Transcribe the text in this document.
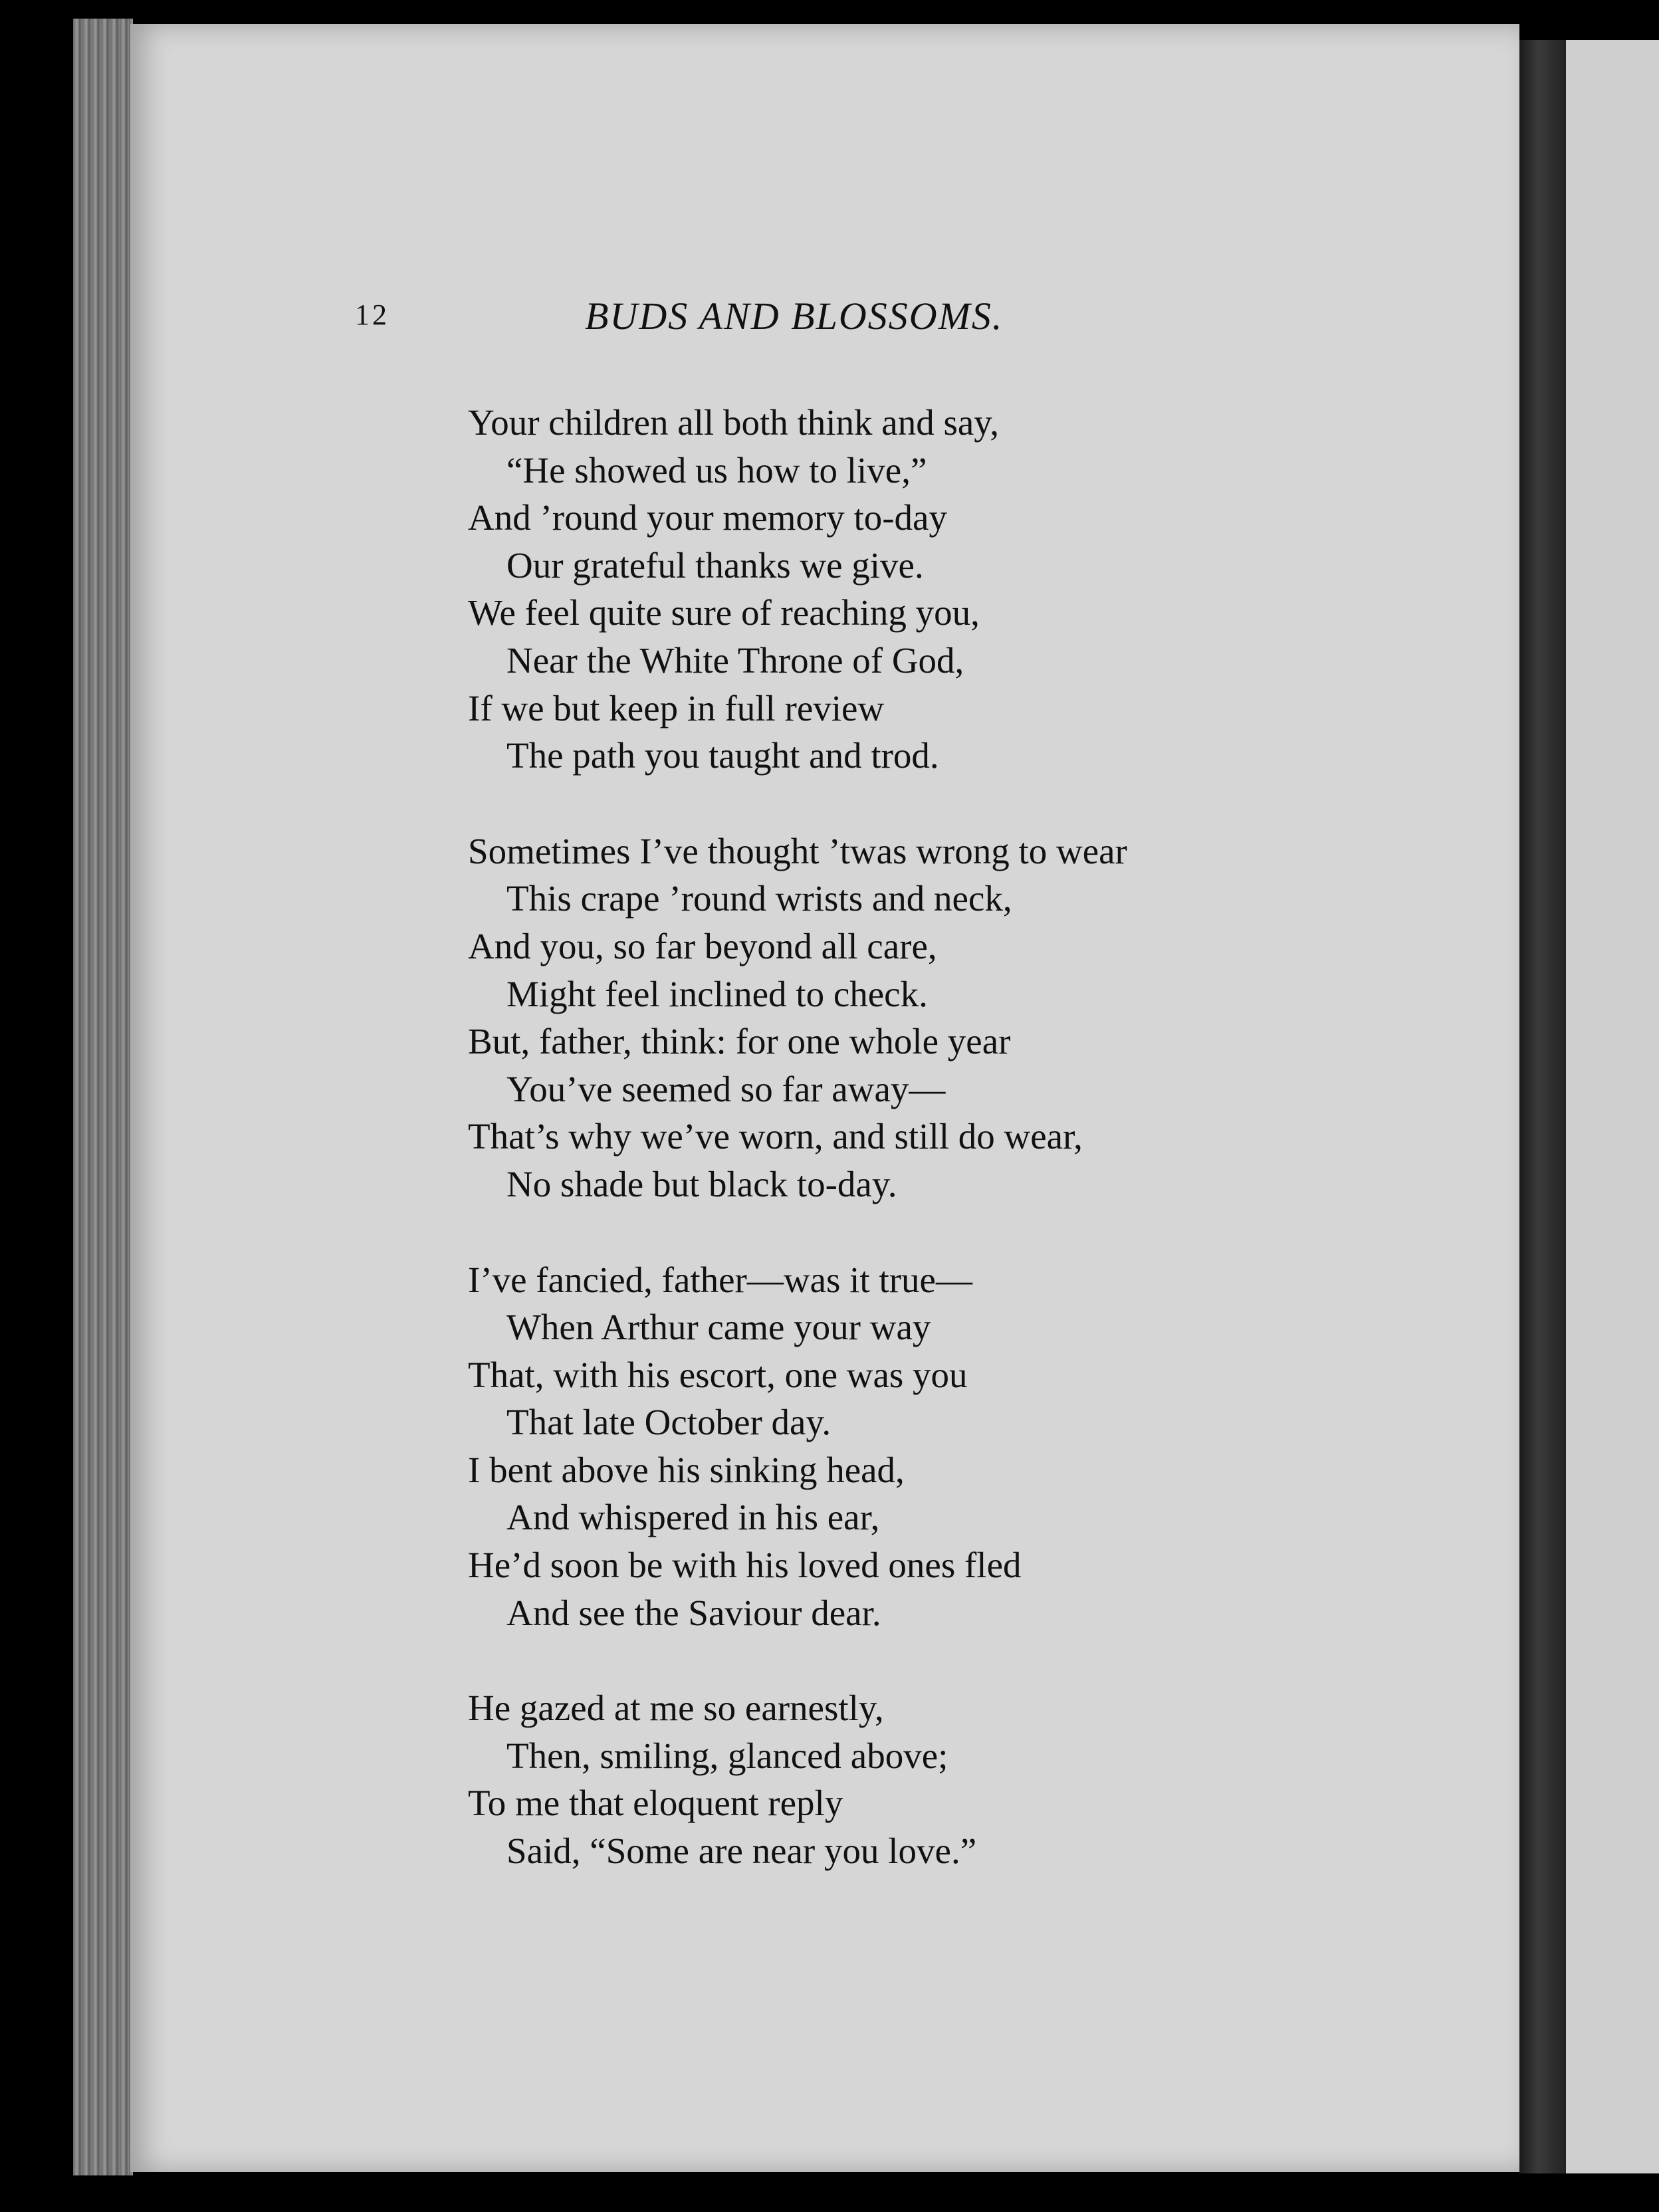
12	BUDS AND BLOSSOMS.
Your children all both think and say,
“He showed us how to live,”
And ’round your memory to-day
Our grateful thanks we give.
We feel quite sure of reaching you,
Near the White Throne of God,
If we but keep in full review
The path you taught and trod.
Sometimes I’ve thought ’twas wrong to wear
This crape ’round wrists and neck,
And you, so far beyond all care,
Might feel inclined to check.
But, father, think: for one whole year
You’ve seemed so far away—
That’s why we’ve worn, and still do wear,
No shade but black to-day.
I’ve fancied, father—was it true—
When Arthur came your way
That, with his escort, one was you
That late October day.
I bent above his sinking head,
And whispered in his ear,
He’d soon be with his loved ones fled
And see the Saviour dear.
He gazed at me so earnestly,
Then, smiling, glanced above;
To me that eloquent reply
Said, “Some are near you love.”
